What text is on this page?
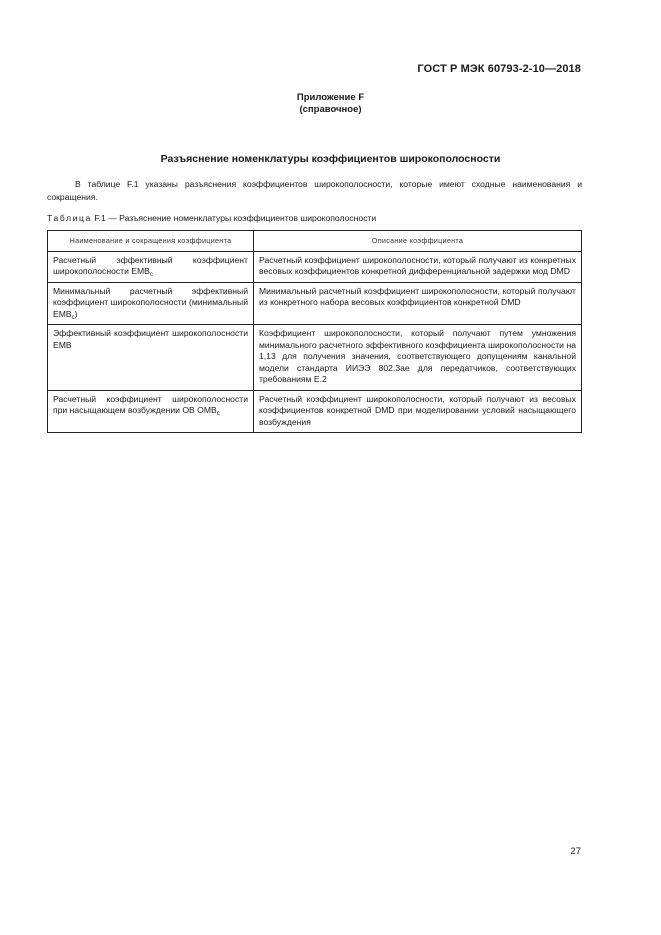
ГОСТ Р МЭК 60793-2-10—2018
Приложение F
(справочное)
Разъяснение номенклатуры коэффициентов широкополосности
В таблице F.1 указаны разъяснения коэффициентов широкополосности, которые имеют сходные наименования и сокращения.
Таблица F.1 — Разъяснение номенклатуры коэффициентов широкополосности
Наименование и сокращения коэффициента	Описание коэффициента
Расчетный эффективный коэффициент широкополосности $EMB_c$	Расчетный коэффициент широкополосности, который получают из конкретных весовых коэффициентов конкретной дифференциальной задержки мод DMD
Минимальный расчетный эффективный коэффициент широкополосности (минимальный $EMB_c$)	Минимальный расчетный коэффициент широкополосности, который получают из конкретного набора весовых коэффициентов конкретной DMD
Эффективный коэффициент широкополосности EMB	Коэффициент широкополосности, который получают путем умножения минимального расчетного эффективного коэффициента широкополосности на 1,13 для получения значения, соответствующего допущениям канальной модели стандарта ИИЭЭ 802.3ae для передатчиков, соответствующих требованиям E.2
Расчетный коэффициент широкополосности при насыщающем возбуждении OB $OMB_c$	Расчетный коэффициент широкополосности, который получают из весовых коэффициентов конкретной DMD при моделировании условий насыщающего возбуждения
27
